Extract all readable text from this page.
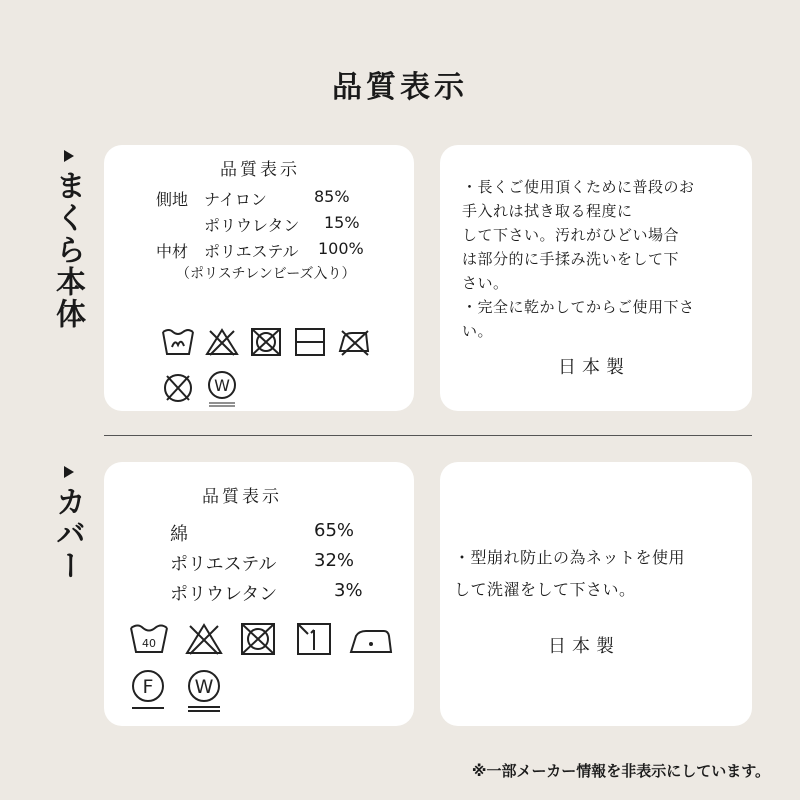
品質表示
まくら本体
カバー
品質表示
側地 ナイロン	85%
ポリウレタン 15%
中材 ポリエステル 100%
（ポリスチレンビーズ入り）
W
・長くご使用頂くために普段のお
手入れは拭き取る程度に
して下さい。汚れがひどい場合
は部分的に手揉み洗いをして下
さい。
・完全に乾かしてからご使用下さ
い。
日本製
品質表示
綿	65%
ポリエステル 32%
ポリウレタン	3%
40
F W
・型崩れ防止の為ネットを使用
して洗濯をして下さい。
日本製
※一部メーカー情報を非表示にしています。
